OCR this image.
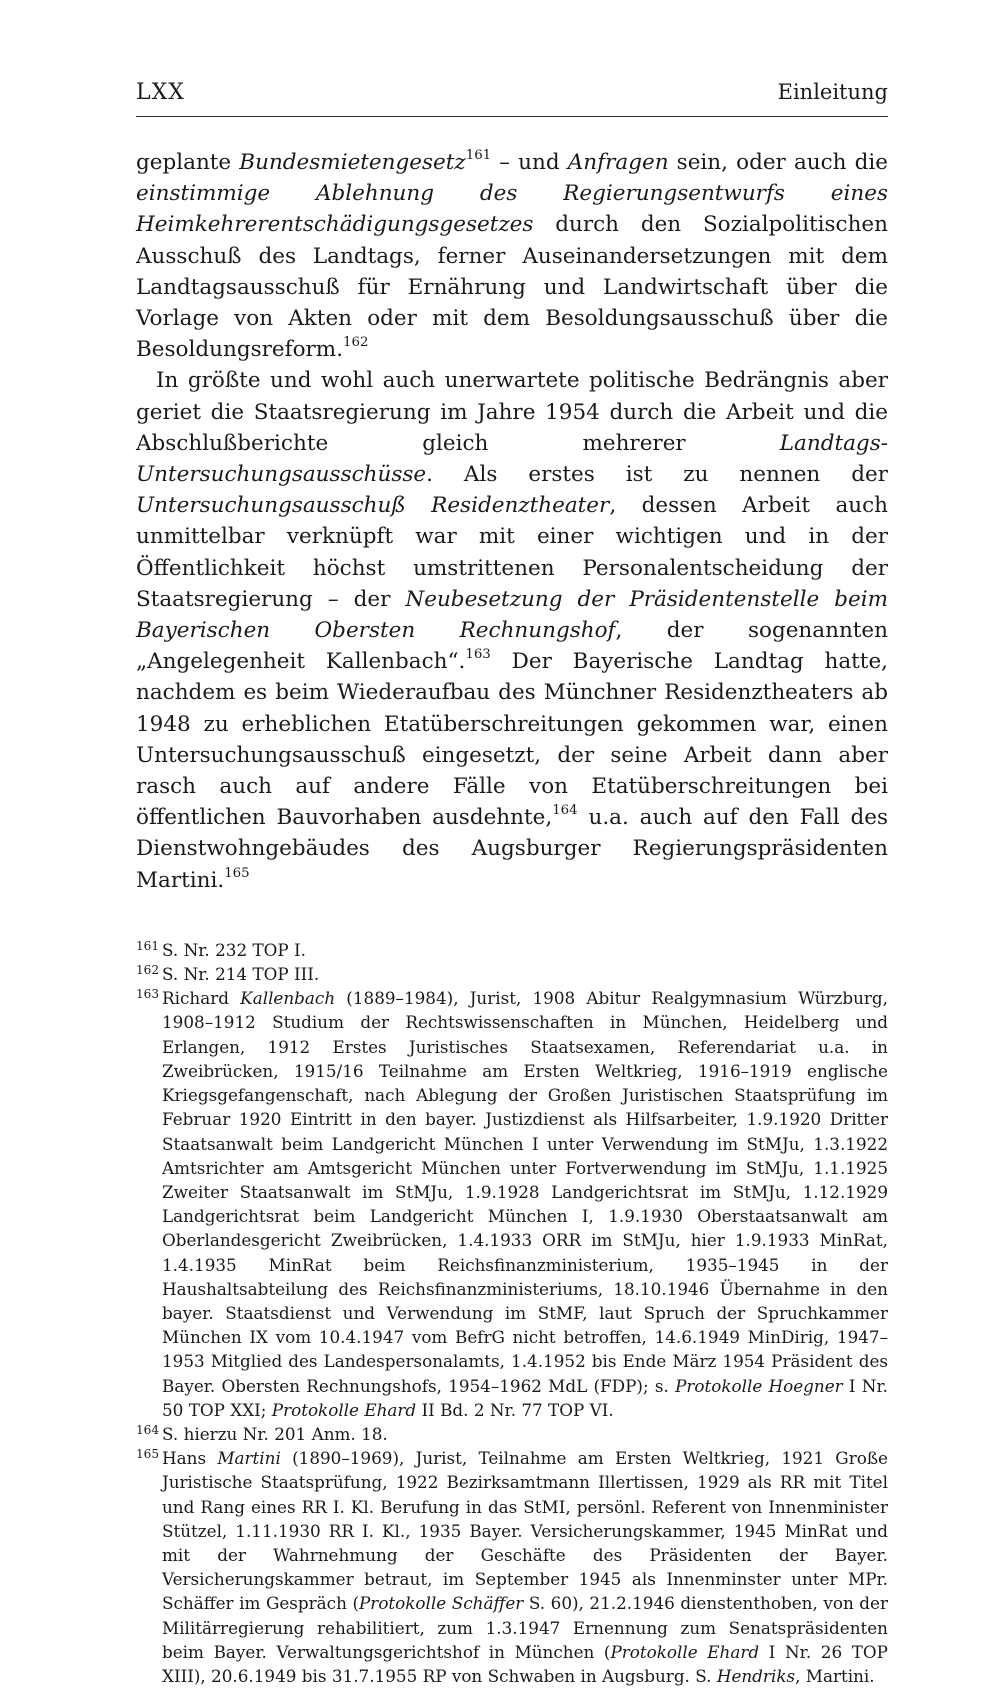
LXX	Einleitung

geplante Bundesmietengesetz$^{161}$ – und Anfragen sein, oder auch die einstimmige Ablehnung des Regierungsentwurfs eines Heimkehrerentschädigungsgesetzes durch den Sozialpolitischen Ausschuß des Landtags, ferner Auseinandersetzungen mit dem Landtagsausschuß für Ernährung und Landwirtschaft über die Vorlage von Akten oder mit dem Besoldungsausschuß über die Besoldungsreform.$^{162}$

In größte und wohl auch unerwartete politische Bedrängnis aber geriet die Staatsregierung im Jahre 1954 durch die Arbeit und die Abschlußberichte gleich mehrerer Landtags-Untersuchungsausschüsse. Als erstes ist zu nennen der Untersuchungsausschuß Residenztheater, dessen Arbeit auch unmittelbar verknüpft war mit einer wichtigen und in der Öffentlichkeit höchst umstrittenen Personalentscheidung der Staatsregierung – der Neubesetzung der Präsidentenstelle beim Bayerischen Obersten Rechnungshof, der sogenannten „Angelegenheit Kallenbach“.$^{163}$ Der Bayerische Landtag hatte, nachdem es beim Wiederaufbau des Münchner Residenztheaters ab 1948 zu erheblichen Etatüberschreitungen gekommen war, einen Untersuchungsausschuß eingesetzt, der seine Arbeit dann aber rasch auch auf andere Fälle von Etatüberschreitungen bei öffentlichen Bauvorhaben ausdehnte,$^{164}$ u.a. auch auf den Fall des Dienstwohngebäudes des Augsburger Regierungspräsidenten Martini.$^{165}$

161 S. Nr. 232 TOP I.
162 S. Nr. 214 TOP III.
163 Richard Kallenbach (1889–1984), Jurist, 1908 Abitur Realgymnasium Würzburg, 1908–1912 Studium der Rechtswissenschaften in München, Heidelberg und Erlangen, 1912 Erstes Juristisches Staatsexamen, Referendariat u.a. in Zweibrücken, 1915/16 Teilnahme am Ersten Weltkrieg, 1916–1919 englische Kriegsgefangenschaft, nach Ablegung der Großen Juristischen Staatsprüfung im Februar 1920 Eintritt in den bayer. Justizdienst als Hilfsarbeiter, 1.9.1920 Dritter Staatsanwalt beim Landgericht München I unter Verwendung im StMJu, 1.3.1922 Amtsrichter am Amtsgericht München unter Fortverwendung im StMJu, 1.1.1925 Zweiter Staatsanwalt im StMJu, 1.9.1928 Landgerichtsrat im StMJu, 1.12.1929 Landgerichtsrat beim Landgericht München I, 1.9.1930 Oberstaatsanwalt am Oberlandesgericht Zweibrücken, 1.4.1933 ORR im StMJu, hier 1.9.1933 MinRat, 1.4.1935 MinRat beim Reichsfinanzministerium, 1935–1945 in der Haushaltsabteilung des Reichsfinanzministeriums, 18.10.1946 Übernahme in den bayer. Staatsdienst und Verwendung im StMF, laut Spruch der Spruchkammer München IX vom 10.4.1947 vom BefrG nicht betroffen, 14.6.1949 MinDirig, 1947–1953 Mitglied des Landespersonalamts, 1.4.1952 bis Ende März 1954 Präsident des Bayer. Obersten Rechnungshofs, 1954–1962 MdL (FDP); s. Protokolle Hoegner I Nr. 50 TOP XXI; Protokolle Ehard II Bd. 2 Nr. 77 TOP VI.
164 S. hierzu Nr. 201 Anm. 18.
165 Hans Martini (1890–1969), Jurist, Teilnahme am Ersten Weltkrieg, 1921 Große Juristische Staatsprüfung, 1922 Bezirksamtmann Illertissen, 1929 als RR mit Titel und Rang eines RR I. Kl. Berufung in das StMI, persönl. Referent von Innenminister Stützel, 1.11.1930 RR I. Kl., 1935 Bayer. Versicherungskammer, 1945 MinRat und mit der Wahrnehmung der Geschäfte des Präsidenten der Bayer. Versicherungskammer betraut, im September 1945 als Innenminster unter MPr. Schäffer im Gespräch (Protokolle Schäffer S. 60), 21.2.1946 dienstenthoben, von der Militärregierung rehabilitiert, zum 1.3.1947 Ernennung zum Senatspräsidenten beim Bayer. Verwaltungsgerichtshof in München (Protokolle Ehard I Nr. 26 TOP XIII), 20.6.1949 bis 31.7.1955 RP von Schwaben in Augsburg. S. Hendriks, Martini.
